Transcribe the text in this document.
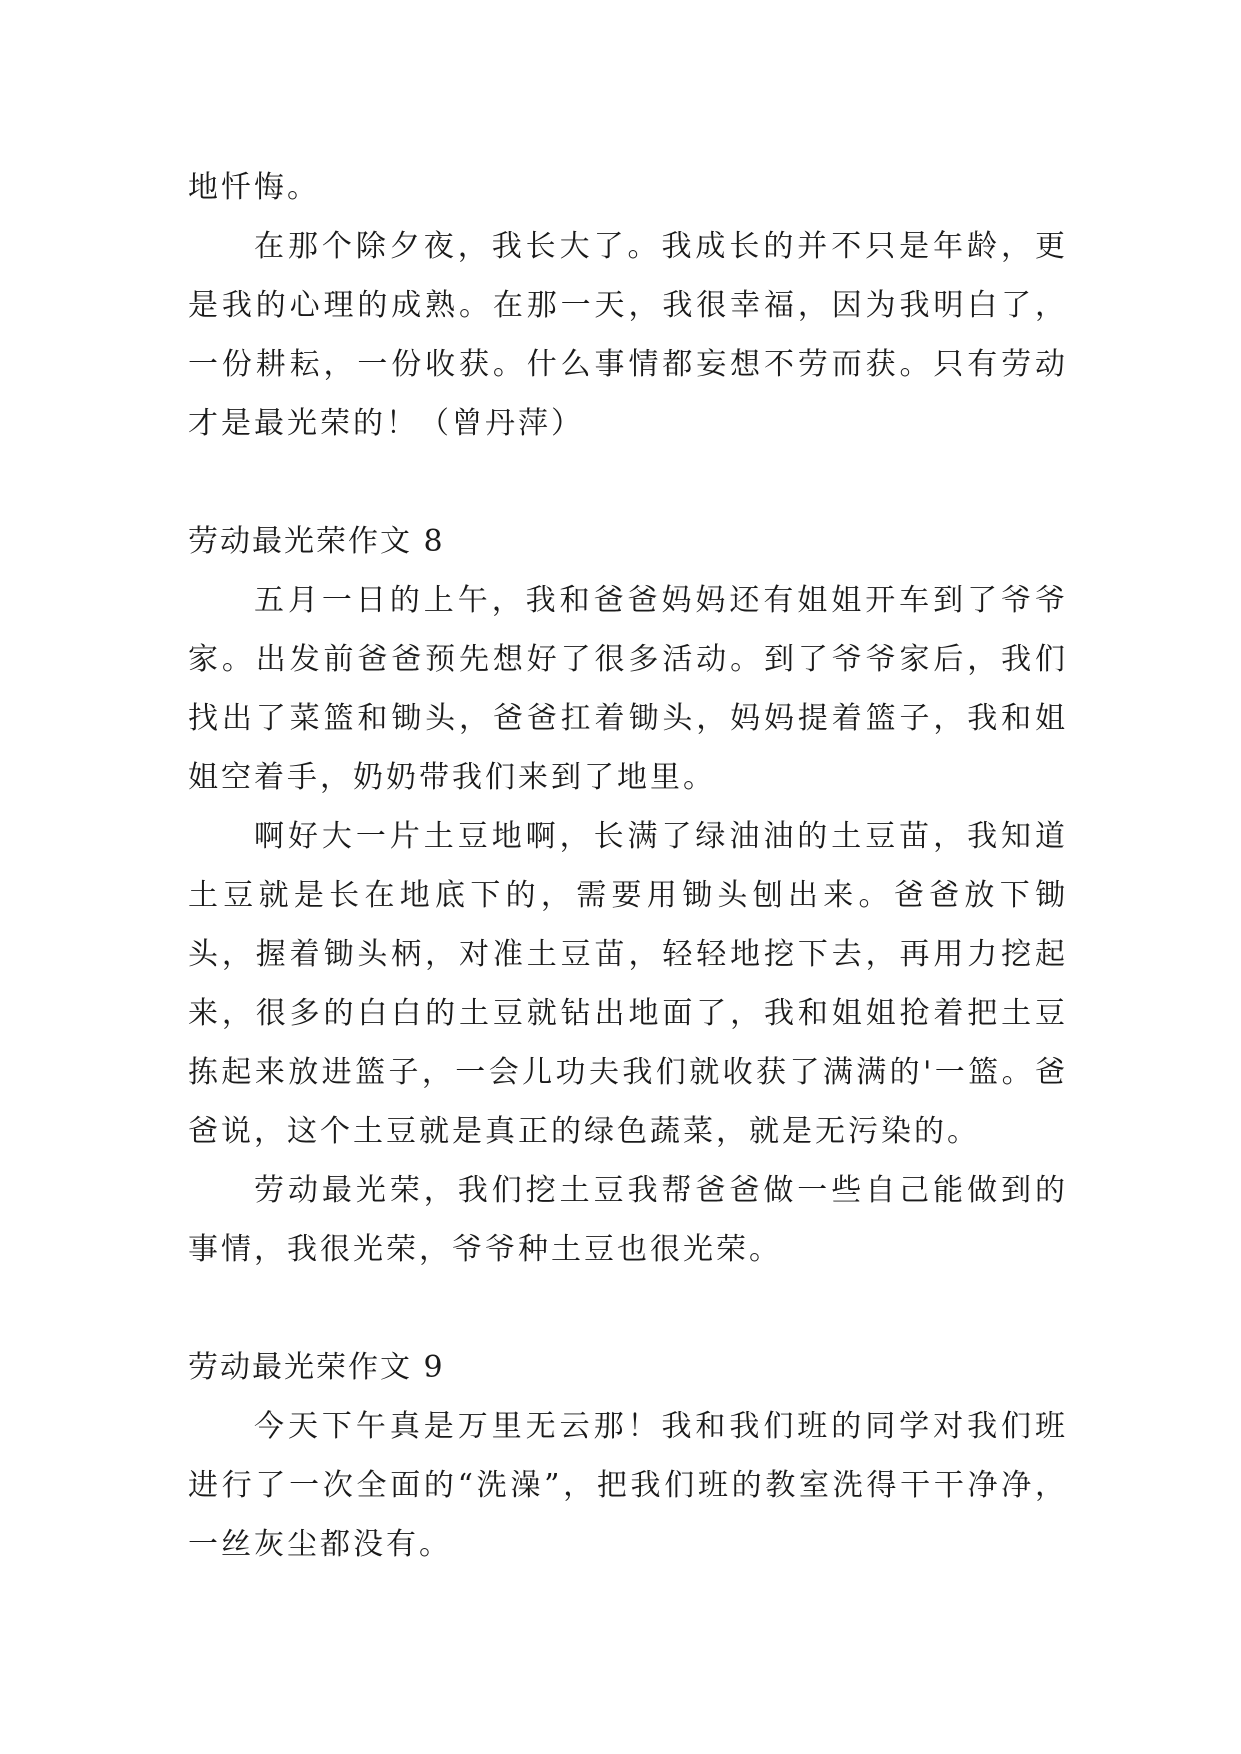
地忏悔。

在那个除夕夜，我长大了。我成长的并不只是年龄，更是我的心理的成熟。在那一天，我很幸福，因为我明白了，一份耕耘，一份收获。什么事情都妄想不劳而获。只有劳动才是最光荣的！（曾丹萍）

劳动最光荣作文 8

五月一日的上午，我和爸爸妈妈还有姐姐开车到了爷爷家。出发前爸爸预先想好了很多活动。到了爷爷家后，我们找出了菜篮和锄头，爸爸扛着锄头，妈妈提着篮子，我和姐姐空着手，奶奶带我们来到了地里。

啊好大一片土豆地啊，长满了绿油油的土豆苗，我知道土豆就是长在地底下的，需要用锄头刨出来。爸爸放下锄头，握着锄头柄，对准土豆苗，轻轻地挖下去，再用力挖起来，很多的白白的土豆就钻出地面了，我和姐姐抢着把土豆拣起来放进篮子，一会儿功夫我们就收获了满满的'一篮。爸爸说，这个土豆就是真正的绿色蔬菜，就是无污染的。

劳动最光荣，我们挖土豆我帮爸爸做一些自己能做到的事情，我很光荣，爷爷种土豆也很光荣。

劳动最光荣作文 9

今天下午真是万里无云那！我和我们班的同学对我们班进行了一次全面的“洗澡”，把我们班的教室洗得干干净净，一丝灰尘都没有。
